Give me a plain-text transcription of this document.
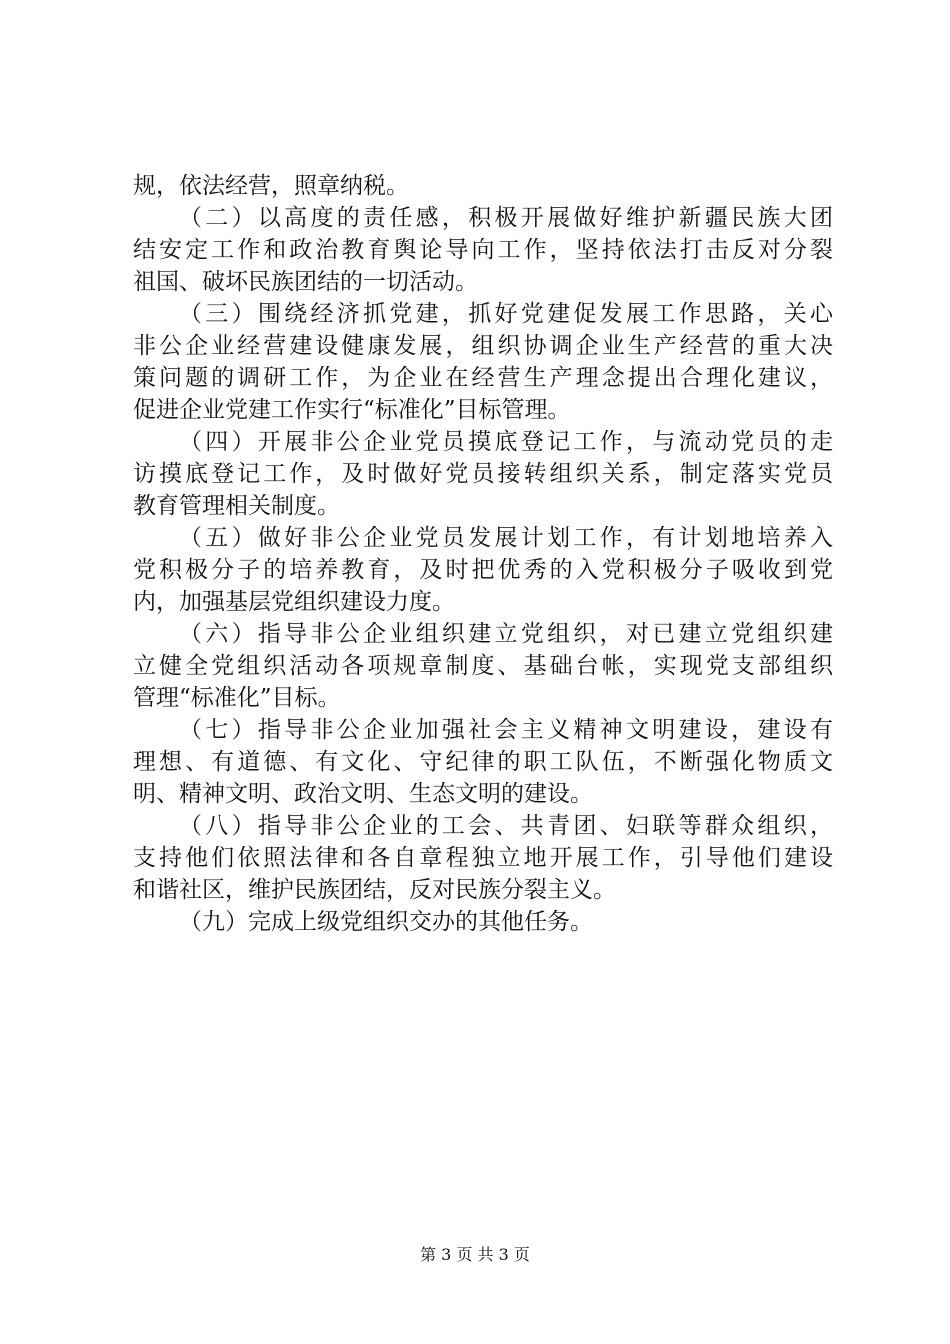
规，依法经营，照章纳税。
（二）以高度的责任感，积极开展做好维护新疆民族大团
结安定工作和政治教育舆论导向工作，坚持依法打击反对分裂
祖国、破坏民族团结的一切活动。
（三）围绕经济抓党建，抓好党建促发展工作思路，关心
非公企业经营建设健康发展，组织协调企业生产经营的重大决
策问题的调研工作，为企业在经营生产理念提出合理化建议，
促进企业党建工作实行“标准化”目标管理。
（四）开展非公企业党员摸底登记工作，与流动党员的走
访摸底登记工作，及时做好党员接转组织关系，制定落实党员
教育管理相关制度。
（五）做好非公企业党员发展计划工作，有计划地培养入
党积极分子的培养教育，及时把优秀的入党积极分子吸收到党
内，加强基层党组织建设力度。
（六）指导非公企业组织建立党组织，对已建立党组织建
立健全党组织活动各项规章制度、基础台帐，实现党支部组织
管理“标准化”目标。
（七）指导非公企业加强社会主义精神文明建设，建设有
理想、有道德、有文化、守纪律的职工队伍，不断强化物质文
明、精神文明、政治文明、生态文明的建设。
（八）指导非公企业的工会、共青团、妇联等群众组织，
支持他们依照法律和各自章程独立地开展工作，引导他们建设
和谐社区，维护民族团结，反对民族分裂主义。
（九）完成上级党组织交办的其他任务。
第 3 页 共 3 页
